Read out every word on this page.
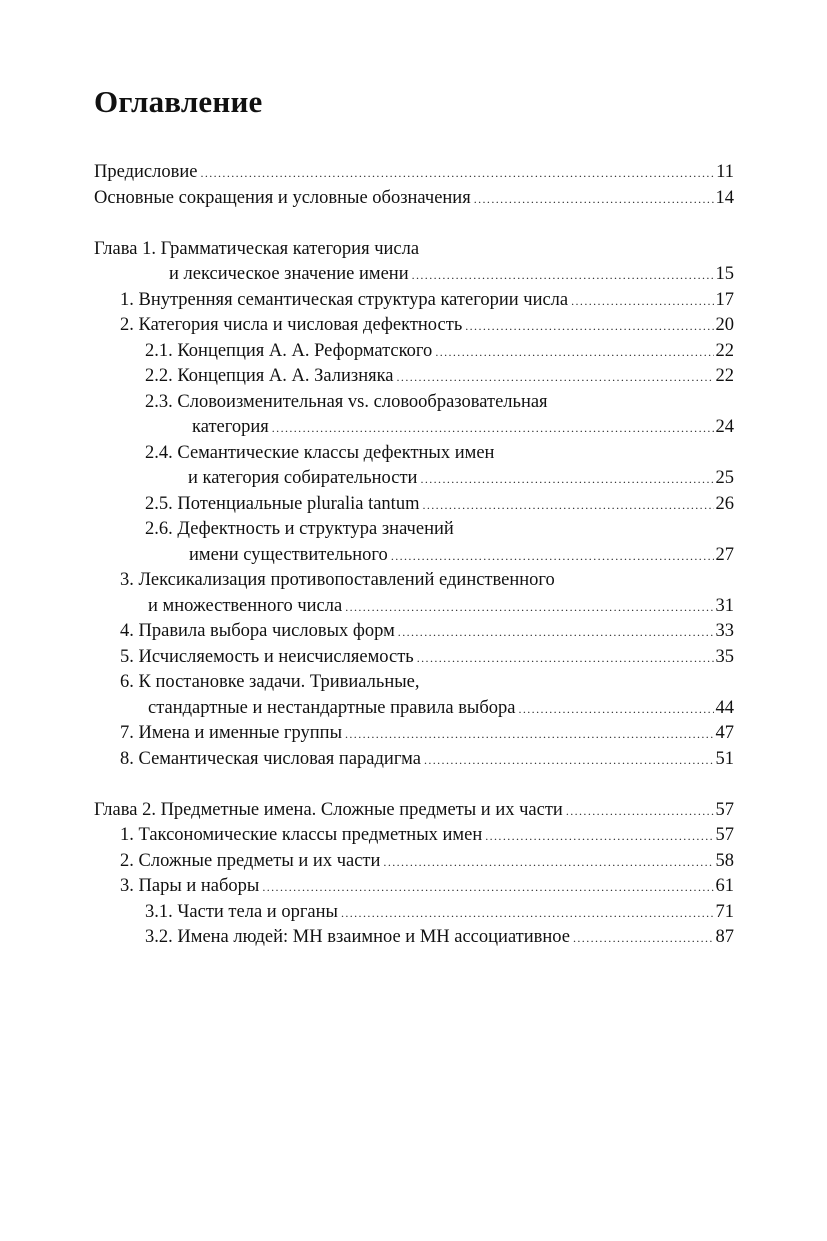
Оглавление
Предисловие .....	11
Основные сокращения и условные обозначения .....	14
Глава 1. Грамматическая категория числа
и лексическое значение имени .....	15
1. Внутренняя семантическая структура категории числа .....	17
2. Категория числа и числовая дефектность .....	20
2.1. Концепция А. А. Реформатского .....	22
2.2. Концепция А. А. Зализняка .....	22
2.3. Словоизменительная vs. словообразовательная
категория .....	24
2.4. Семантические классы дефектных имен
и категория собирательности .....	25
2.5. Потенциальные pluralia tantum .....	26
2.6. Дефектность и структура значений
имени существительного .....	27
3. Лексикализация противопоставлений единственного
и множественного числа .....	31
4. Правила выбора числовых форм .....	33
5. Исчисляемость и неисчисляемость .....	35
6. К постановке задачи. Тривиальные,
стандартные и нестандартные правила выбора .....	44
7. Имена и именные группы .....	47
8. Семантическая числовая парадигма .....	51
Глава 2. Предметные имена. Сложные предметы и их части .....	57
1. Таксономические классы предметных имен .....	57
2. Сложные предметы и их части .....	58
3. Пары и наборы .....	61
3.1. Части тела и органы .....	71
3.2. Имена людей: МН взаимное и МН ассоциативное .....	87
